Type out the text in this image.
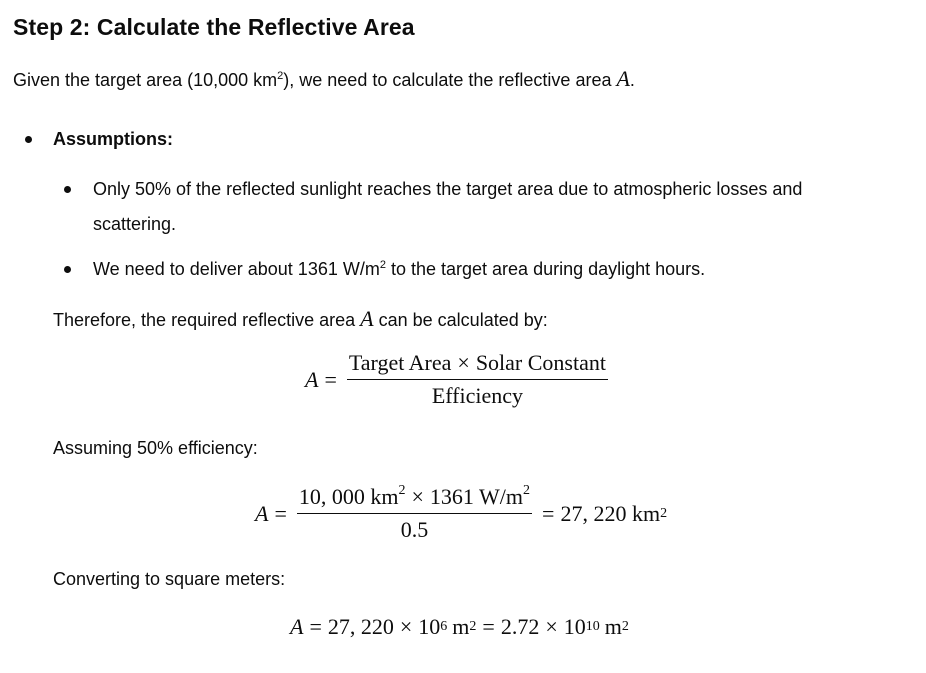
Step 2: Calculate the Reflective Area

Given the target area (10,000 $km^2$), we need to calculate the reflective area A.

Assumptions:

Only 50% of the reflected sunlight reaches the target area due to atmospheric losses and

scattering.

We need to deliver about 1361 $W/m^2$ to the target area during daylight hours.

Therefore, the required reflective area A can be calculated by:

$A = \frac{\text{Target Area × Solar Constant}}{\text{Efficiency}}$

Assuming 50% efficiency:

$A = \frac{10, 000 km^2 \times 1361 W/m^2}{0.5} = 27$, 220 km 2

Converting to square meters:

A = 27, 220 × 10 6 m 2 = 2.72 × 10 10 m 2
